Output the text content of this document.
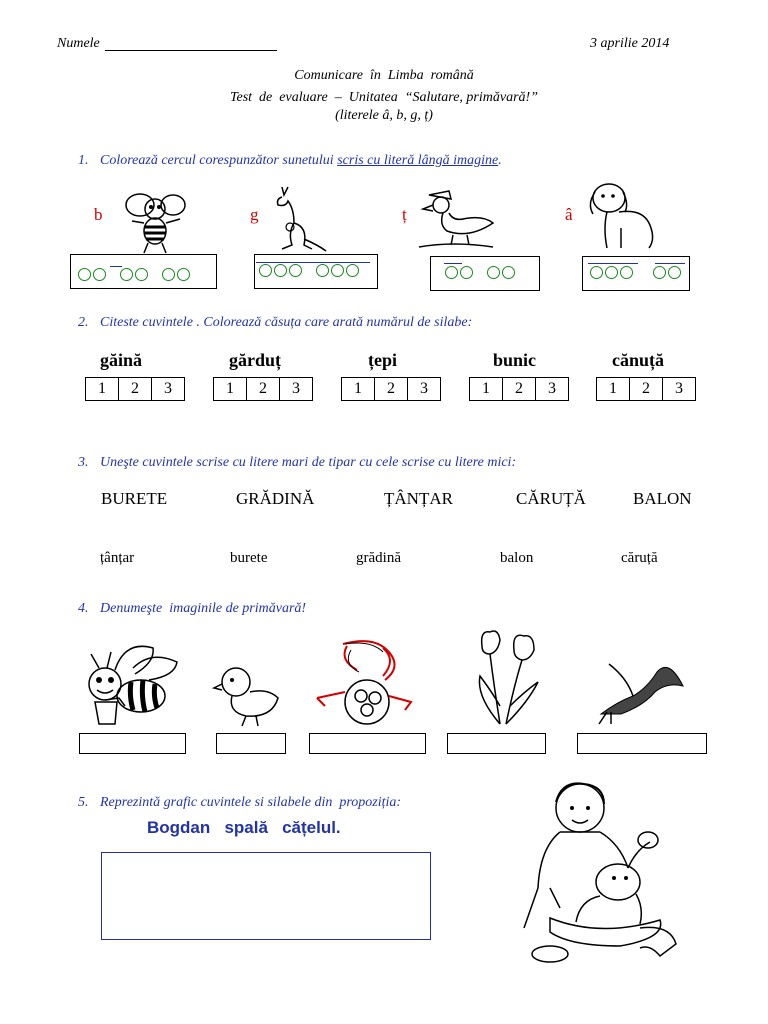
Numele	3 aprilie 2014
Comunicare  în  Limba  română
Test  de  evaluare  –  Unitatea  “Salutare, primăvară!”
(literele â, b, g, ț)
1. Colorează cercul corespunzător sunetului scris cu literă lângă imagine.
b	g	ț	â
2. Citeste cuvintele . Colorează căsuța care arată numărul de silabe:
găină	gărduț	țepi	bunic	cănuță
1	2	3	1	2	3	1	2	3	1	2	3	1	2	3
3. Uneşte cuvintele scrise cu litere mari de tipar cu cele scrise cu litere mici:
BURETE	GRĂDINĂ	ȚÂNȚAR	CĂRUȚĂ	BALON
țânțar	burete	grădină	balon	căruță
4. Denumeşte  imaginile de primăvară!
5. Reprezintă grafic cuvintele si silabele din  propoziția:
Bogdan   spală   cățelul.
